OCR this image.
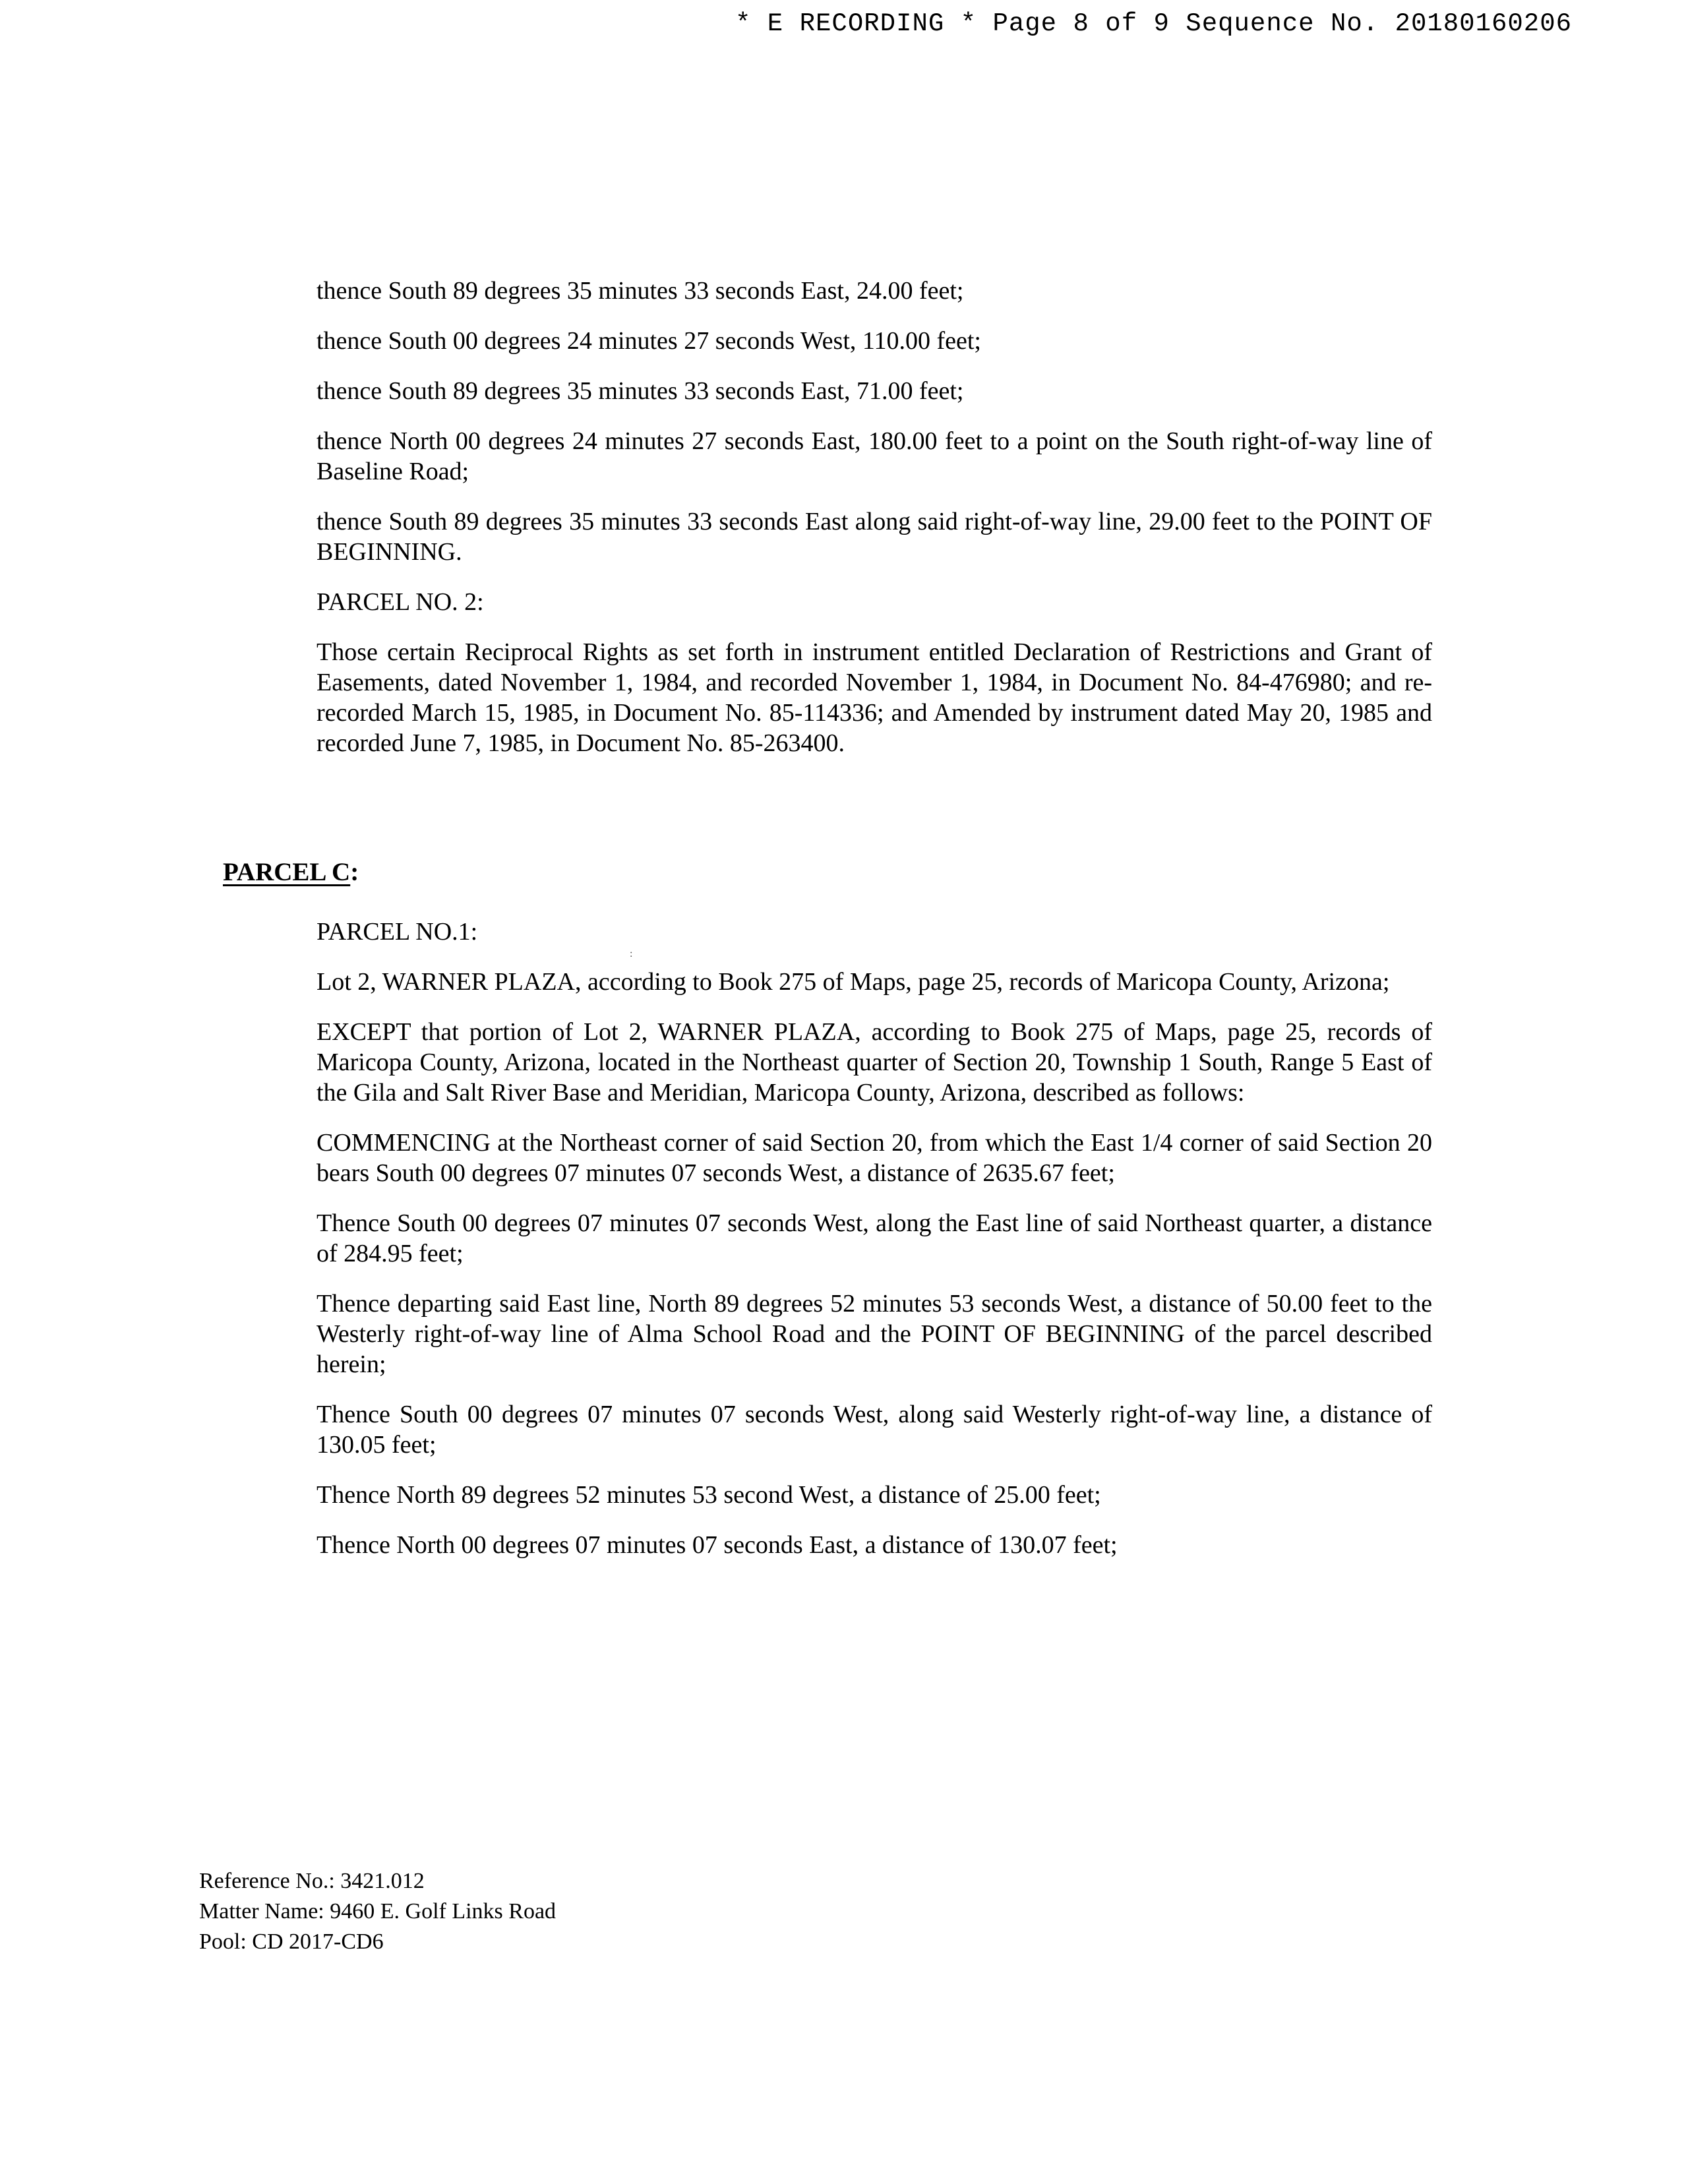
* E RECORDING * Page 8 of 9 Sequence No. 20180160206

thence South 89 degrees 35 minutes 33 seconds East, 24.00 feet;

thence South 00 degrees 24 minutes 27 seconds West, 110.00 feet;

thence South 89 degrees 35 minutes 33 seconds East, 71.00 feet;

thence North 00 degrees 24 minutes 27 seconds East, 180.00 feet to a point on the South right-of-way line of Baseline Road;

thence South 89 degrees 35 minutes 33 seconds East along said right-of-way line, 29.00 feet to the POINT OF BEGINNING.

PARCEL NO. 2:

Those certain Reciprocal Rights as set forth in instrument entitled Declaration of Restrictions and Grant of Easements, dated November 1, 1984, and recorded November 1, 1984, in Document No. 84-476980; and re-recorded March 15, 1985, in Document No. 85-114336; and Amended by instrument dated May 20, 1985 and recorded June 7, 1985, in Document No. 85-263400.

PARCEL C:
:

PARCEL NO.1:

Lot 2, WARNER PLAZA, according to Book 275 of Maps, page 25, records of Maricopa County, Arizona;

EXCEPT that portion of Lot 2, WARNER PLAZA, according to Book 275 of Maps, page 25, records of Maricopa County, Arizona, located in the Northeast quarter of Section 20, Township 1 South, Range 5 East of the Gila and Salt River Base and Meridian, Maricopa County, Arizona, described as follows:

COMMENCING at the Northeast corner of said Section 20, from which the East 1/4 corner of said Section 20 bears South 00 degrees 07 minutes 07 seconds West, a distance of 2635.67 feet;

Thence South 00 degrees 07 minutes 07 seconds West, along the East line of said Northeast quarter, a distance of 284.95 feet;

Thence departing said East line, North 89 degrees 52 minutes 53 seconds West, a distance of 50.00 feet to the Westerly right-of-way line of Alma School Road and the POINT OF BEGINNING of the parcel described herein;

Thence South 00 degrees 07 minutes 07 seconds West, along said Westerly right-of-way line, a distance of 130.05 feet;

Thence North 89 degrees 52 minutes 53 second West, a distance of 25.00 feet;

Thence North 00 degrees 07 minutes 07 seconds East, a distance of 130.07 feet;

Reference No.: 3421.012
Matter Name: 9460 E. Golf Links Road
Pool: CD 2017-CD6
